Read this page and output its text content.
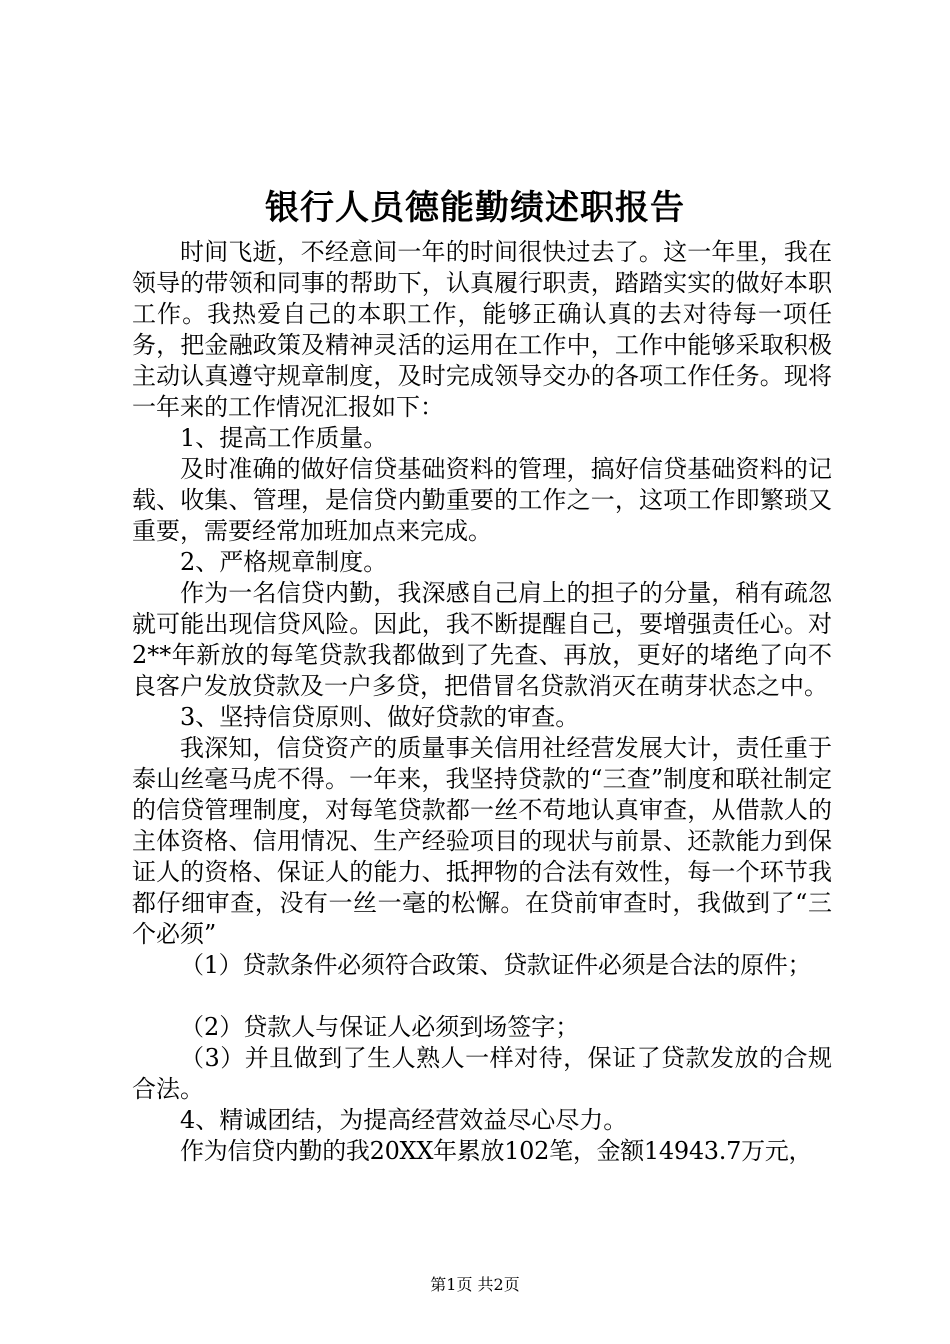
银行人员德能勤绩述职报告

时间飞逝，不经意间一年的时间很快过去了。这一年里，我在领导的带领和同事的帮助下，认真履行职责，踏踏实实的做好本职工作。我热爱自己的本职工作，能够正确认真的去对待每一项任务，把金融政策及精神灵活的运用在工作中，工作中能够采取积极主动认真遵守规章制度，及时完成领导交办的各项工作任务。现将一年来的工作情况汇报如下：

1、提高工作质量。

及时准确的做好信贷基础资料的管理，搞好信贷基础资料的记载、收集、管理，是信贷内勤重要的工作之一，这项工作即繁琐又重要，需要经常加班加点来完成。

2、严格规章制度。

作为一名信贷内勤，我深感自己肩上的担子的分量，稍有疏忽就可能出现信贷风险。因此，我不断提醒自己，要增强责任心。对2**年新放的每笔贷款我都做到了先查、再放，更好的堵绝了向不良客户发放贷款及一户多贷，把借冒名贷款消灭在萌芽状态之中。

3、坚持信贷原则、做好贷款的审查。

我深知，信贷资产的质量事关信用社经营发展大计，责任重于泰山丝毫马虎不得。一年来，我坚持贷款的“三查”制度和联社制定的信贷管理制度，对每笔贷款都一丝不苟地认真审查，从借款人的主体资格、信用情况、生产经验项目的现状与前景、还款能力到保证人的资格、保证人的能力、抵押物的合法有效性，每一个环节我都仔细审查，没有一丝一毫的松懈。在贷前审查时，我做到了“三个必须”

（1）贷款条件必须符合政策、贷款证件必须是合法的原件；

（2）贷款人与保证人必须到场签字；

（3）并且做到了生人熟人一样对待，保证了贷款发放的合规合法。

4、精诚团结，为提高经营效益尽心尽力。

作为信贷内勤的我20XX年累放102笔，金额14943.7万元，

第1页 共2页
